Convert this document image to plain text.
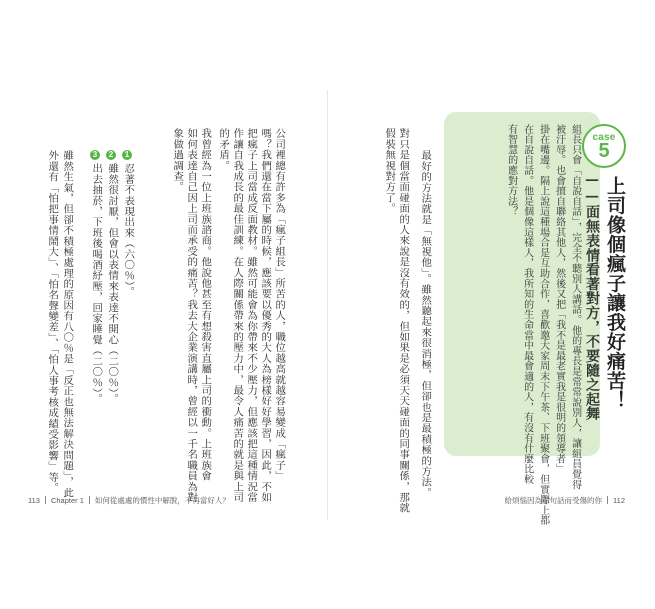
公司裡總有許多為「瘋子組長」所苦的人，職位越高就越容易變成「瘋子」
嗎？我們還在當下屬的時候，應該要以優秀的大人為榜樣好好學習，因此，不如
把瘋子上司當成反面教材。雖然可能會為你帶來不少壓力，但應該把這種情況當
作讓自我成長的最佳訓練。在人際關係帶來的壓力中，最令人痛苦的就是與上司
的矛盾。
我曾經為一位上班族諮商。他說他甚至有想殺害直屬上司的衝動。上班族會
如何表達自己因上司而承受的痛苦？我去大企業演講時，曾經以一千名職員為對
象做過調查。
1
忍著不表現出來（六〇％）。
2
雖然很討厭，但會以表情來表達不開心（二〇％）。
3
出去抽菸，下班後喝酒紓壓，回家睡覺（二〇％）。
雖然生氣，但卻不積極處理的原因有八〇％是「反正也無法解決問題」，此
外還有「怕把事情鬧大」、「怕名聲變差」、「怕人事考核成績受影響」等。
113 Chapter 1 如何從處處的慣性中解脫，不再當好人？
組長只會「自說自話」，完全不聽別人講話。他的專長是常常說別人，讓組員覺得
被汙辱。也會擅自聯絡其他人，然後又把「我不是最老實我是很明的領導者」
掛在嘴邊。隔上說這種場合是互助合作，喜歡邀大家周末下午茶、下班聚會，但實際上都
在自說自話。他是個像這樣人，我所知的生命當中最會適的人，有沒有什麼比較
有智慧的應對方法？	case
5
上司像個瘋子讓我好痛苦！
——面無表情看著對方，不要隨之起舞
最好的方法就是「無視他」。雖然聽起來很消極，但卻也是最積極的方法。
對只是個當面碰面的人來說是沒有效的，但如果是必須天天碰面的同事關係，那就
假裝無視對方了。
給煩惱因為那句話而受傷的你 112
